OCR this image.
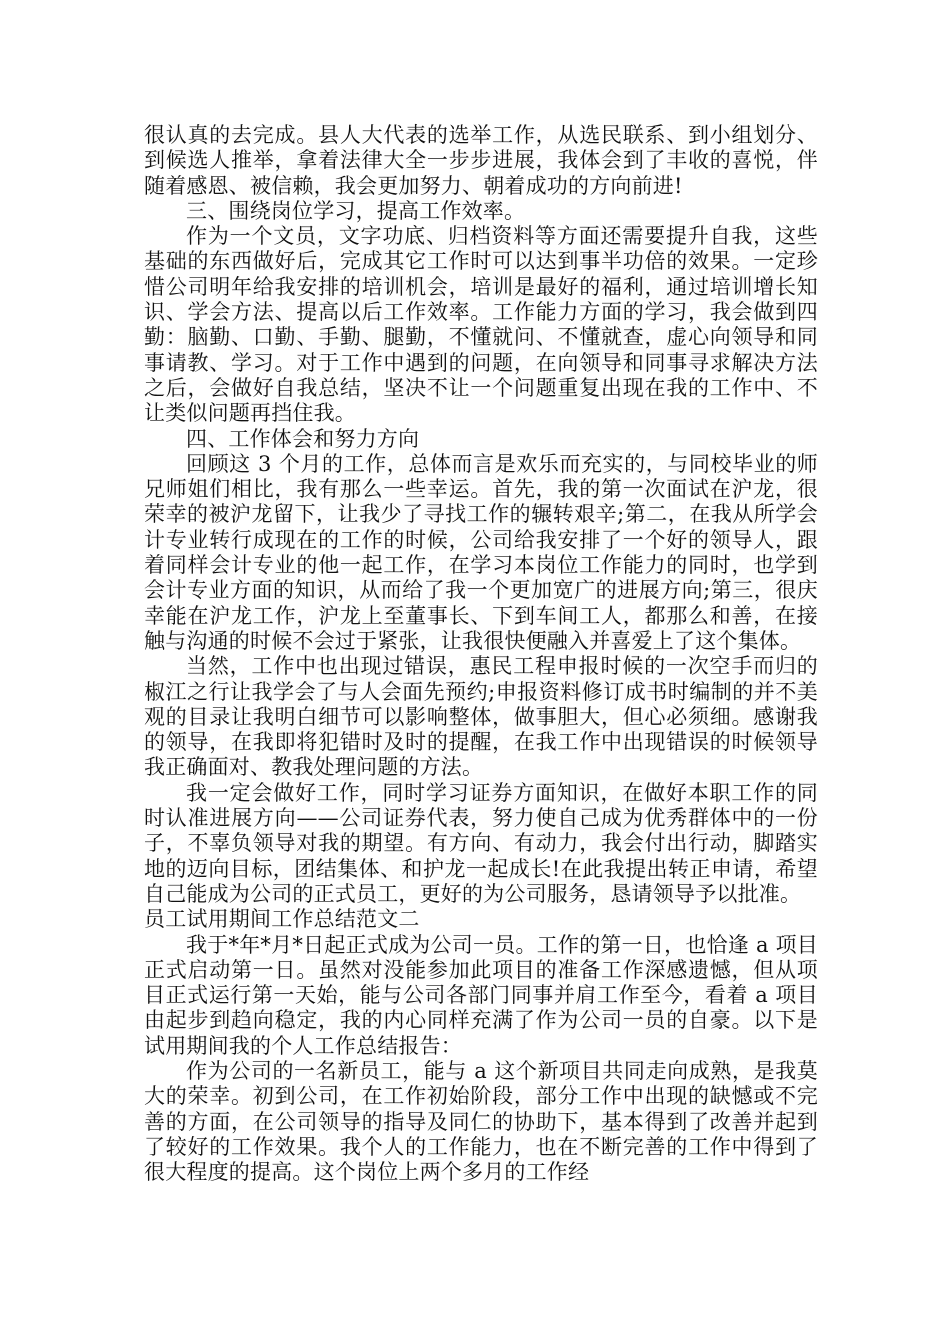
很认真的去完成。县人大代表的选举工作，从选民联系、到小组划分、到候选人推举，拿着法律大全一步步进展，我体会到了丰收的喜悦，伴随着感恩、被信赖，我会更加努力、朝着成功的方向前进!

三、围绕岗位学习，提高工作效率。

作为一个文员，文字功底、归档资料等方面还需要提升自我，这些基础的东西做好后，完成其它工作时可以达到事半功倍的效果。一定珍惜公司明年给我安排的培训机会，培训是最好的福利，通过培训增长知识、学会方法、提高以后工作效率。工作能力方面的学习，我会做到四勤：脑勤、口勤、手勤、腿勤，不懂就问、不懂就查，虚心向领导和同事请教、学习。对于工作中遇到的问题，在向领导和同事寻求解决方法之后，会做好自我总结，坚决不让一个问题重复出现在我的工作中、不让类似问题再挡住我。

四、工作体会和努力方向

回顾这 3 个月的工作，总体而言是欢乐而充实的，与同校毕业的师兄师姐们相比，我有那么一些幸运。首先，我的第一次面试在沪龙，很荣幸的被沪龙留下，让我少了寻找工作的辗转艰辛;第二，在我从所学会计专业转行成现在的工作的时候，公司给我安排了一个好的领导人，跟着同样会计专业的他一起工作，在学习本岗位工作能力的同时，也学到会计专业方面的知识，从而给了我一个更加宽广的进展方向;第三，很庆幸能在沪龙工作，沪龙上至董事长、下到车间工人，都那么和善，在接触与沟通的时候不会过于紧张，让我很快便融入并喜爱上了这个集体。

当然，工作中也出现过错误，惠民工程申报时候的一次空手而归的椒江之行让我学会了与人会面先预约;申报资料修订成书时编制的并不美观的目录让我明白细节可以影响整体，做事胆大，但心必须细。感谢我的领导，在我即将犯错时及时的提醒，在我工作中出现错误的时候领导我正确面对、教我处理问题的方法。

我一定会做好工作，同时学习证券方面知识，在做好本职工作的同时认准进展方向——公司证券代表，努力使自己成为优秀群体中的一份子，不辜负领导对我的期望。有方向、有动力，我会付出行动，脚踏实地的迈向目标，团结集体、和护龙一起成长!在此我提出转正申请，希望自己能成为公司的正式员工，更好的为公司服务，恳请领导予以批准。

员工试用期间工作总结范文二

我于*年*月*日起正式成为公司一员。工作的第一日，也恰逢 a 项目正式启动第一日。虽然对没能参加此项目的准备工作深感遗憾，但从项目正式运行第一天始，能与公司各部门同事并肩工作至今，看着 a 项目由起步到趋向稳定，我的内心同样充满了作为公司一员的自豪。以下是试用期间我的个人工作总结报告：

作为公司的一名新员工，能与 a 这个新项目共同走向成熟，是我莫大的荣幸。初到公司，在工作初始阶段，部分工作中出现的缺憾或不完善的方面，在公司领导的指导及同仁的协助下，基本得到了改善并起到了较好的工作效果。我个人的工作能力，也在不断完善的工作中得到了很大程度的提高。这个岗位上两个多月的工作经
